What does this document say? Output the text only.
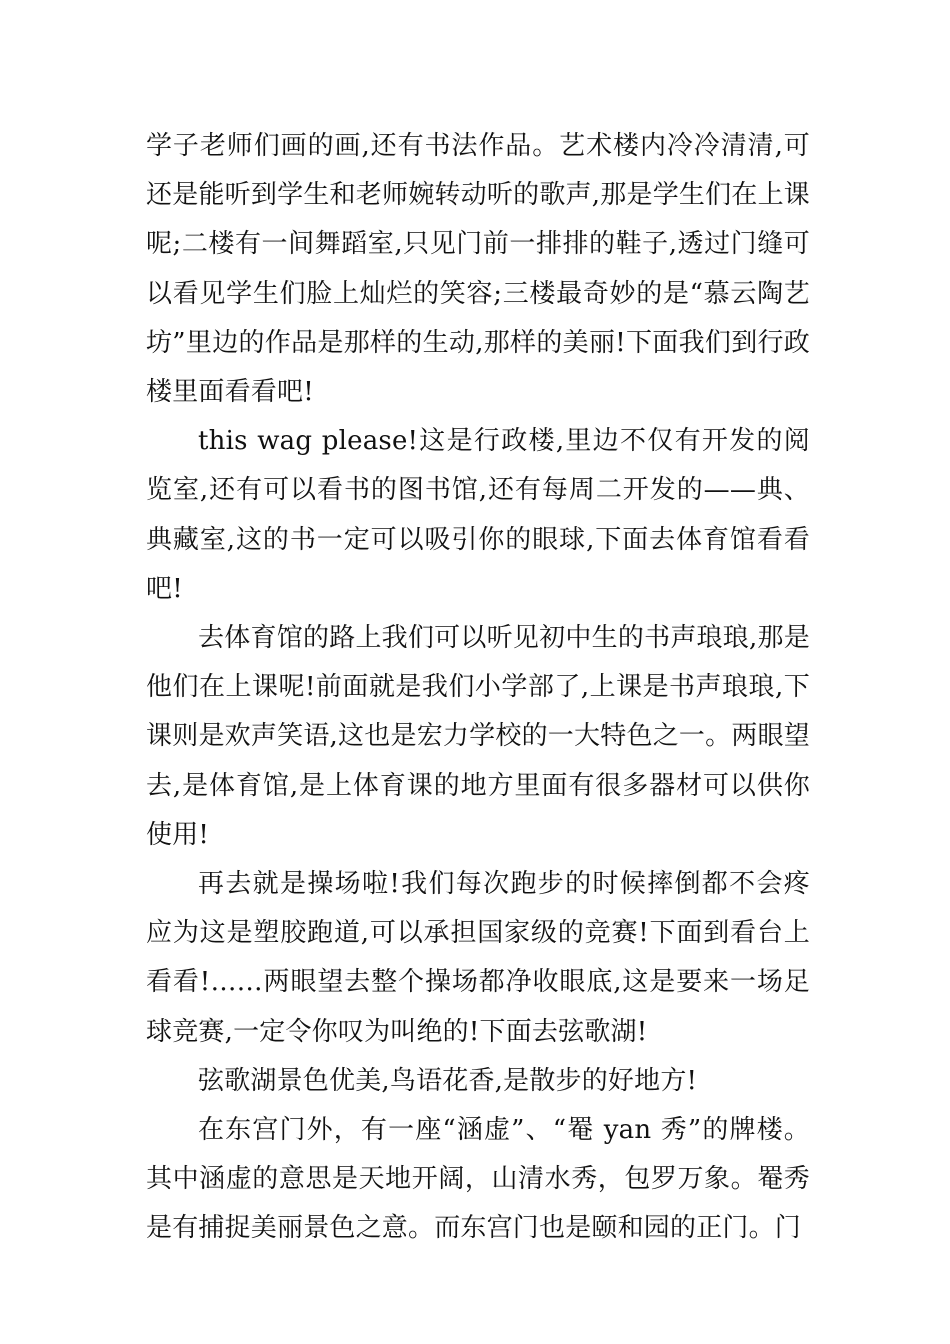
学子老师们画的画,还有书法作品。艺术楼内冷冷清清,可还是能听到学生和老师婉转动听的歌声,那是学生们在上课呢;二楼有一间舞蹈室,只见门前一排排的鞋子,透过门缝可以看见学生们脸上灿烂的笑容;三楼最奇妙的是“慕云陶艺坊”里边的作品是那样的生动,那样的美丽!下面我们到行政楼里面看看吧!

this wag please!这是行政楼,里边不仅有开发的阅览室,还有可以看书的图书馆,还有每周二开发的——典、典藏室,这的书一定可以吸引你的眼球,下面去体育馆看看吧!

去体育馆的路上我们可以听见初中生的书声琅琅,那是他们在上课呢!前面就是我们小学部了,上课是书声琅琅,下课则是欢声笑语,这也是宏力学校的一大特色之一。两眼望去,是体育馆,是上体育课的地方里面有很多器材可以供你使用!

再去就是操场啦!我们每次跑步的时候摔倒都不会疼应为这是塑胶跑道,可以承担国家级的竞赛!下面到看台上看看!……两眼望去整个操场都净收眼底,这是要来一场足球竞赛,一定令你叹为叫绝的!下面去弦歌湖!

弦歌湖景色优美,鸟语花香,是散步的好地方!

在东宫门外，有一座“涵虚”、“罨 yan 秀”的牌楼。其中涵虚的意思是天地开阔，山清水秀，包罗万象。罨秀是有捕捉美丽景色之意。而东宫门也是颐和园的正门。门
